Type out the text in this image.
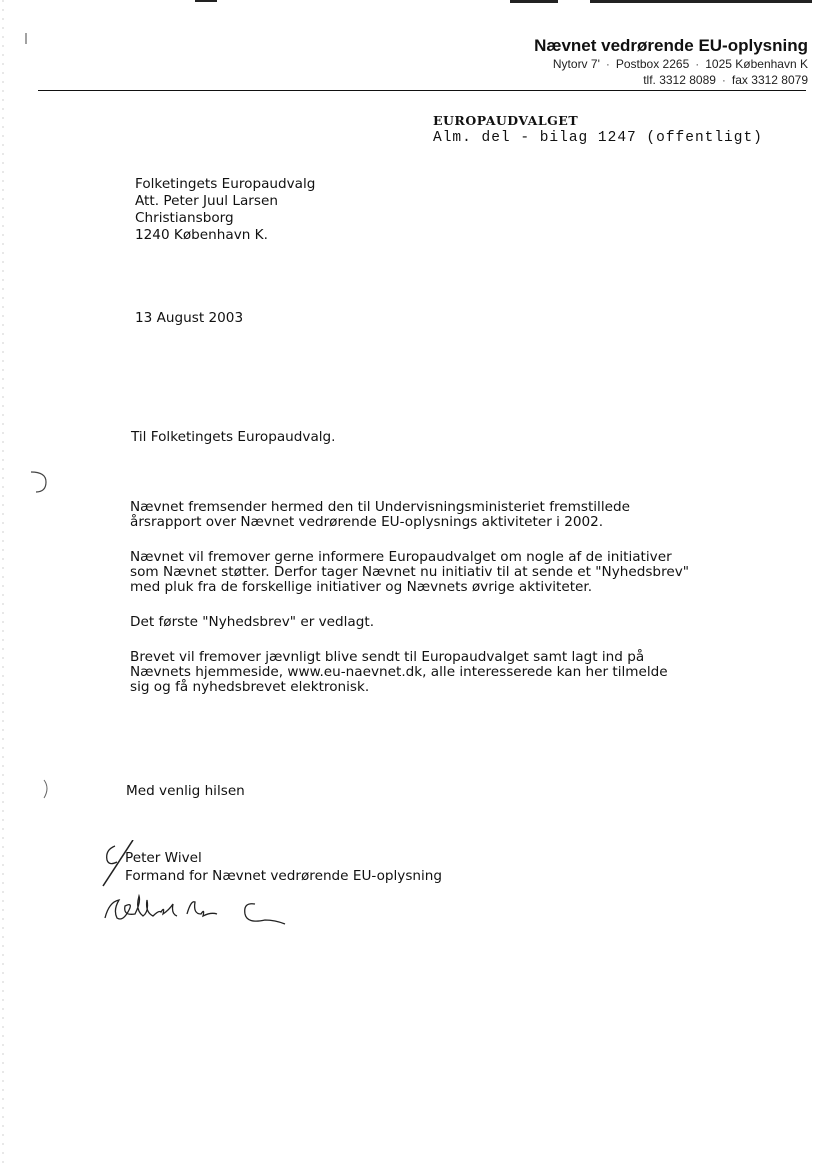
Nævnet vedrørende EU-oplysning
Nytorv 7' · Postbox 2265 · 1025 København K
tlf. 3312 8089 · fax 3312 8079
EUROPAUDVALGET
Alm. del - bilag 1247 (offentligt)
Folketingets Europaudvalg
Att. Peter Juul Larsen
Christiansborg
1240 København K.
13 August 2003
Til Folketingets Europaudvalg.
Nævnet fremsender hermed den til Undervisningsministeriet fremstillede
årsrapport over Nævnet vedrørende EU-oplysnings aktiviteter i 2002.
Nævnet vil fremover gerne informere Europaudvalget om nogle af de initiativer
som Nævnet støtter. Derfor tager Nævnet nu initiativ til at sende et "Nyhedsbrev"
med pluk fra de forskellige initiativer og Nævnets øvrige aktiviteter.
Det første "Nyhedsbrev" er vedlagt.
Brevet vil fremover jævnligt blive sendt til Europaudvalget samt lagt ind på
Nævnets hjemmeside, www.eu-naevnet.dk, alle interesserede kan her tilmelde
sig og få nyhedsbrevet elektronisk.
Med venlig hilsen
Peter Wivel
Formand for Nævnet vedrørende EU-oplysning
